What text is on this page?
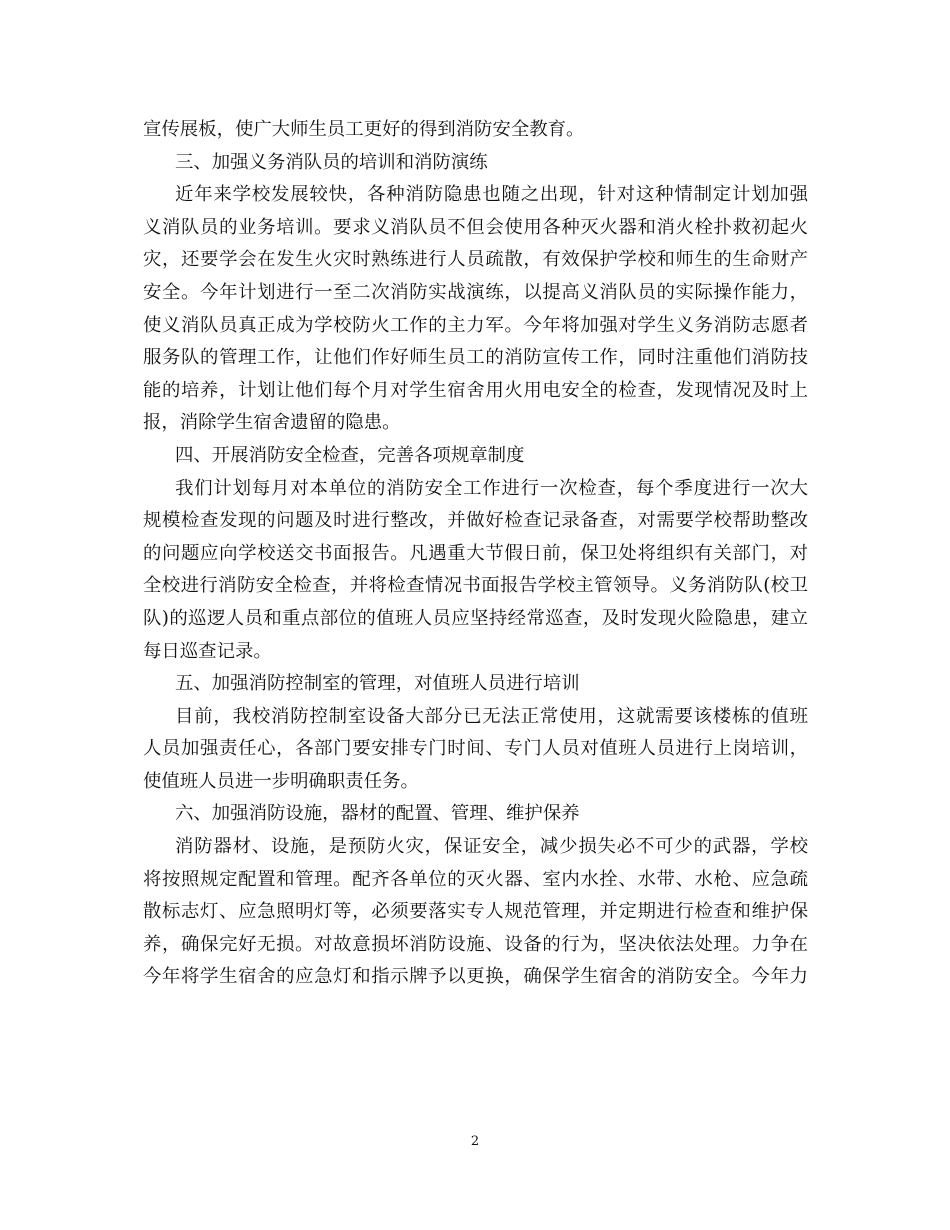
宣传展板，使广大师生员工更好的得到消防安全教育。
三、加强义务消队员的培训和消防演练
近年来学校发展较快，各种消防隐患也随之出现，针对这种情制定计划加强
义消队员的业务培训。要求义消队员不但会使用各种灭火器和消火栓扑救初起火
灾，还要学会在发生火灾时熟练进行人员疏散，有效保护学校和师生的生命财产
安全。今年计划进行一至二次消防实战演练，以提高义消队员的实际操作能力，
使义消队员真正成为学校防火工作的主力军。今年将加强对学生义务消防志愿者
服务队的管理工作，让他们作好师生员工的消防宣传工作，同时注重他们消防技
能的培养，计划让他们每个月对学生宿舍用火用电安全的检查，发现情况及时上
报，消除学生宿舍遗留的隐患。
四、开展消防安全检查，完善各项规章制度
我们计划每月对本单位的消防安全工作进行一次检查，每个季度进行一次大
规模检查发现的问题及时进行整改，并做好检查记录备查，对需要学校帮助整改
的问题应向学校送交书面报告。凡遇重大节假日前，保卫处将组织有关部门，对
全校进行消防安全检查，并将检查情况书面报告学校主管领导。义务消防队(校卫
队)的巡逻人员和重点部位的值班人员应坚持经常巡查，及时发现火险隐患，建立
每日巡查记录。
五、加强消防控制室的管理，对值班人员进行培训
目前，我校消防控制室设备大部分已无法正常使用，这就需要该楼栋的值班
人员加强责任心，各部门要安排专门时间、专门人员对值班人员进行上岗培训，
使值班人员进一步明确职责任务。
六、加强消防设施，器材的配置、管理、维护保养
消防器材、设施，是预防火灾，保证安全，减少损失必不可少的武器，学校
将按照规定配置和管理。配齐各单位的灭火器、室内水拴、水带、水枪、应急疏
散标志灯、应急照明灯等，必须要落实专人规范管理，并定期进行检查和维护保
养，确保完好无损。对故意损坏消防设施、设备的行为，坚决依法处理。力争在
今年将学生宿舍的应急灯和指示牌予以更换，确保学生宿舍的消防安全。今年力
2
